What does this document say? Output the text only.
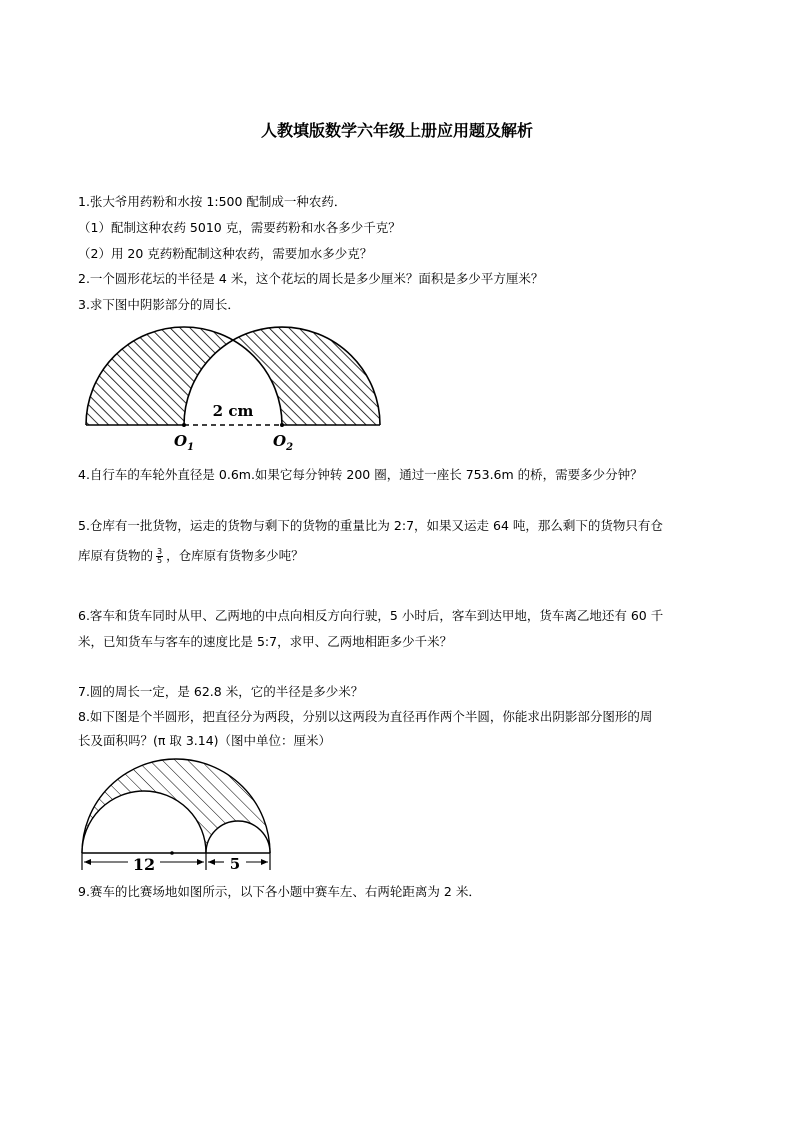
人教填版数学六年级上册应用题及解析
1.张大爷用药粉和水按 1:500 配制成一种农药．
（1）配制这种农药 5010 克，需要药粉和水各多少千克？
（2）用 20 克药粉配制这种农药，需要加水多少克？
2.一个圆形花坛的半径是 4 米，这个花坛的周长是多少厘米？面积是多少平方厘米？
3.求下图中阴影部分的周长．
2 cm
$O_1$	$O_2$
4.自行车的车轮外直径是 0.6m.如果它每分钟转 200 圈，通过一座长 753.6m 的桥，需要多少分钟？
5.仓库有一批货物，运走的货物与剩下的货物的重量比为 2:7，如果又运走 64 吨，那么剩下的货物只有仓
库原有货物的 $\frac{3}{5}$ ，仓库原有货物多少吨？
6.客车和货车同时从甲、乙两地的中点向相反方向行驶，5 小时后，客车到达甲地，货车离乙地还有 60 千
米，已知货车与客车的速度比是 5:7，求甲、乙两地相距多少千米？
7.圆的周长一定，是 62.8 米，它的半径是多少米？
8.如下图是个半圆形，把直径分为两段，分别以这两段为直径再作两个半圆，你能求出阴影部分图形的周
长及面积吗？(π 取 3.14)（图中单位：厘米）
12	5
9.赛车的比赛场地如图所示，以下各小题中赛车左、右两轮距离为 2 米．
